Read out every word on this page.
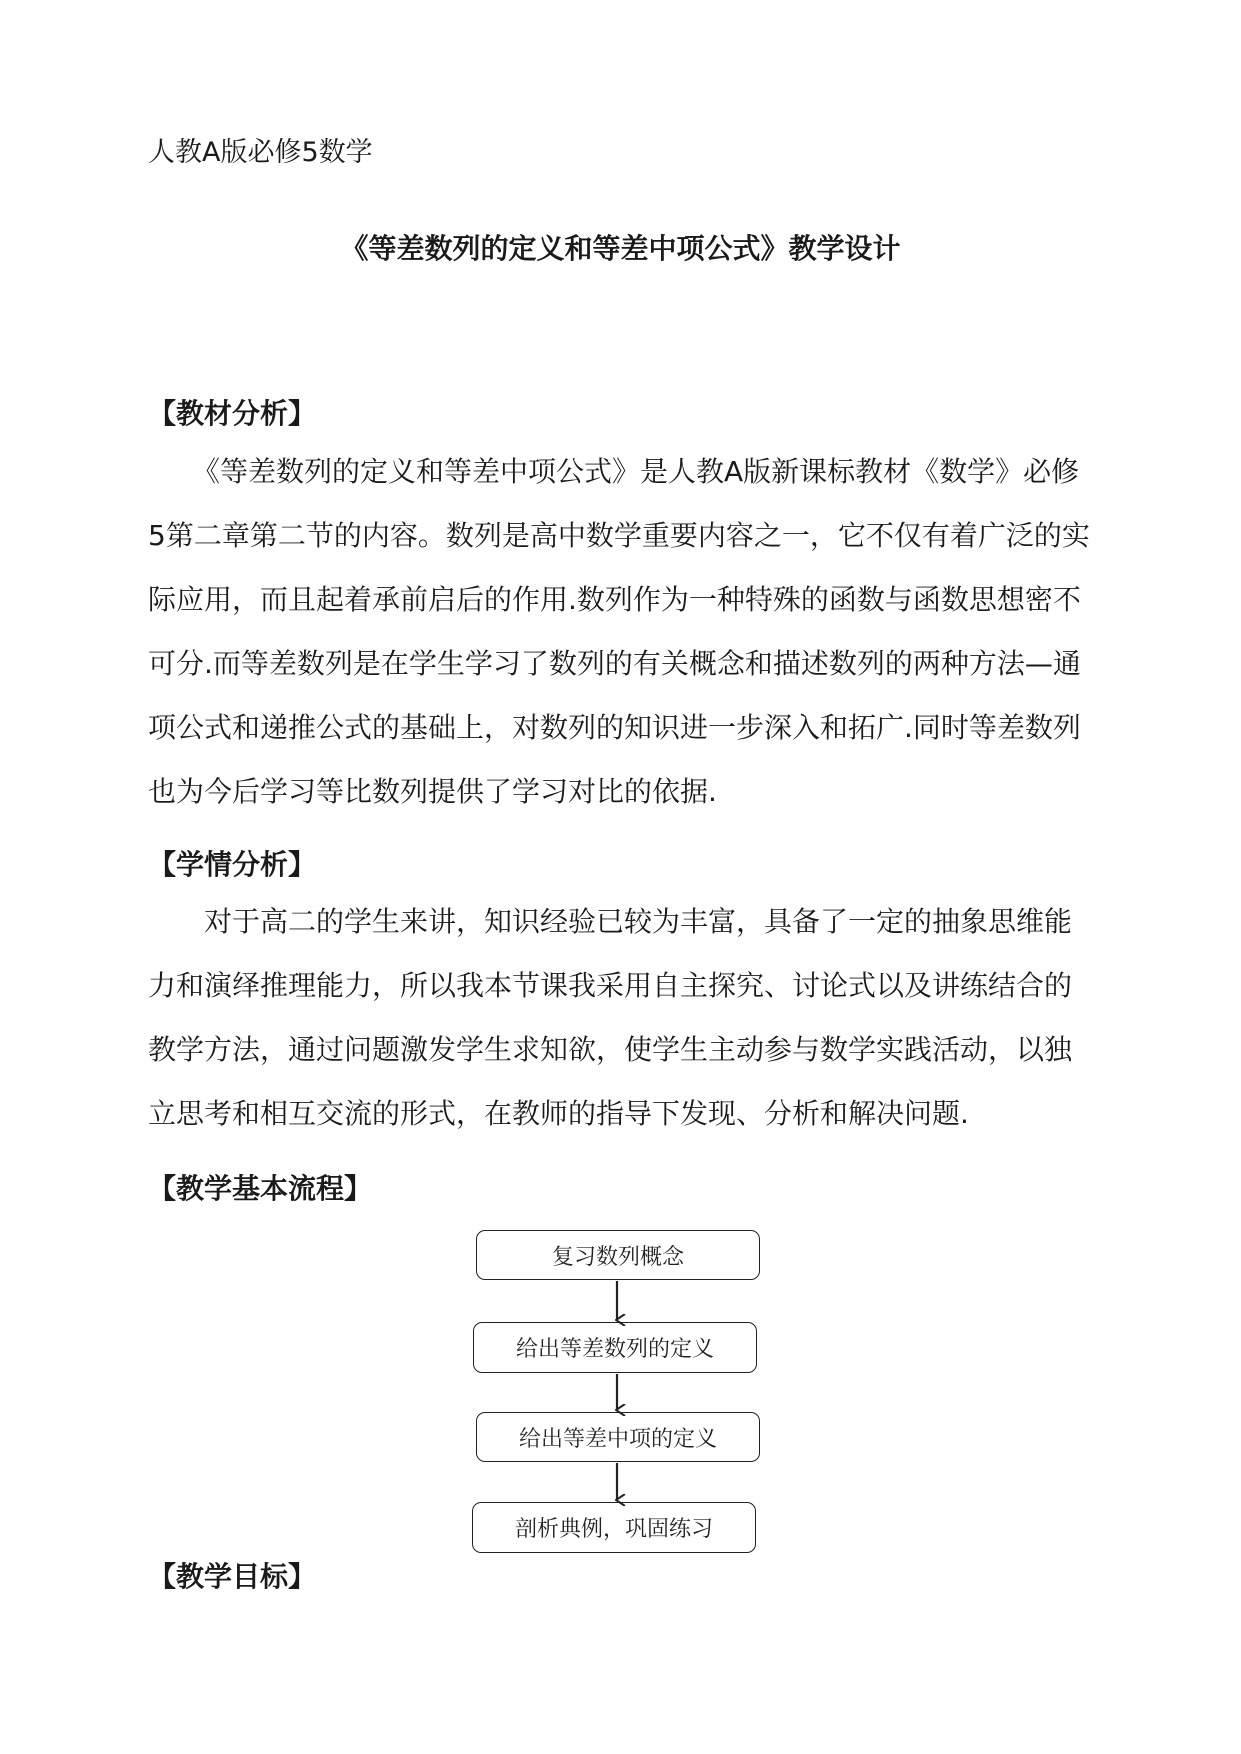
人教A版必修5数学
《等差数列的定义和等差中项公式》教学设计
【教材分析】
《等差数列的定义和等差中项公式》是人教A版新课标教材《数学》必修
5第二章第二节的内容。数列是高中数学重要内容之一，它不仅有着广泛的实
际应用，而且起着承前启后的作用.数列作为一种特殊的函数与函数思想密不
可分.而等差数列是在学生学习了数列的有关概念和描述数列的两种方法—通
项公式和递推公式的基础上，对数列的知识进一步深入和拓广.同时等差数列
也为今后学习等比数列提供了学习对比的依据.
【学情分析】
对于高二的学生来讲，知识经验已较为丰富，具备了一定的抽象思维能
力和演绎推理能力，所以我本节课我采用自主探究、讨论式以及讲练结合的
教学方法，通过问题激发学生求知欲，使学生主动参与数学实践活动，以独
立思考和相互交流的形式，在教师的指导下发现、分析和解决问题.
【教学基本流程】
复习数列概念
给出等差数列的定义
给出等差中项的定义
剖析典例，巩固练习
【教学目标】
